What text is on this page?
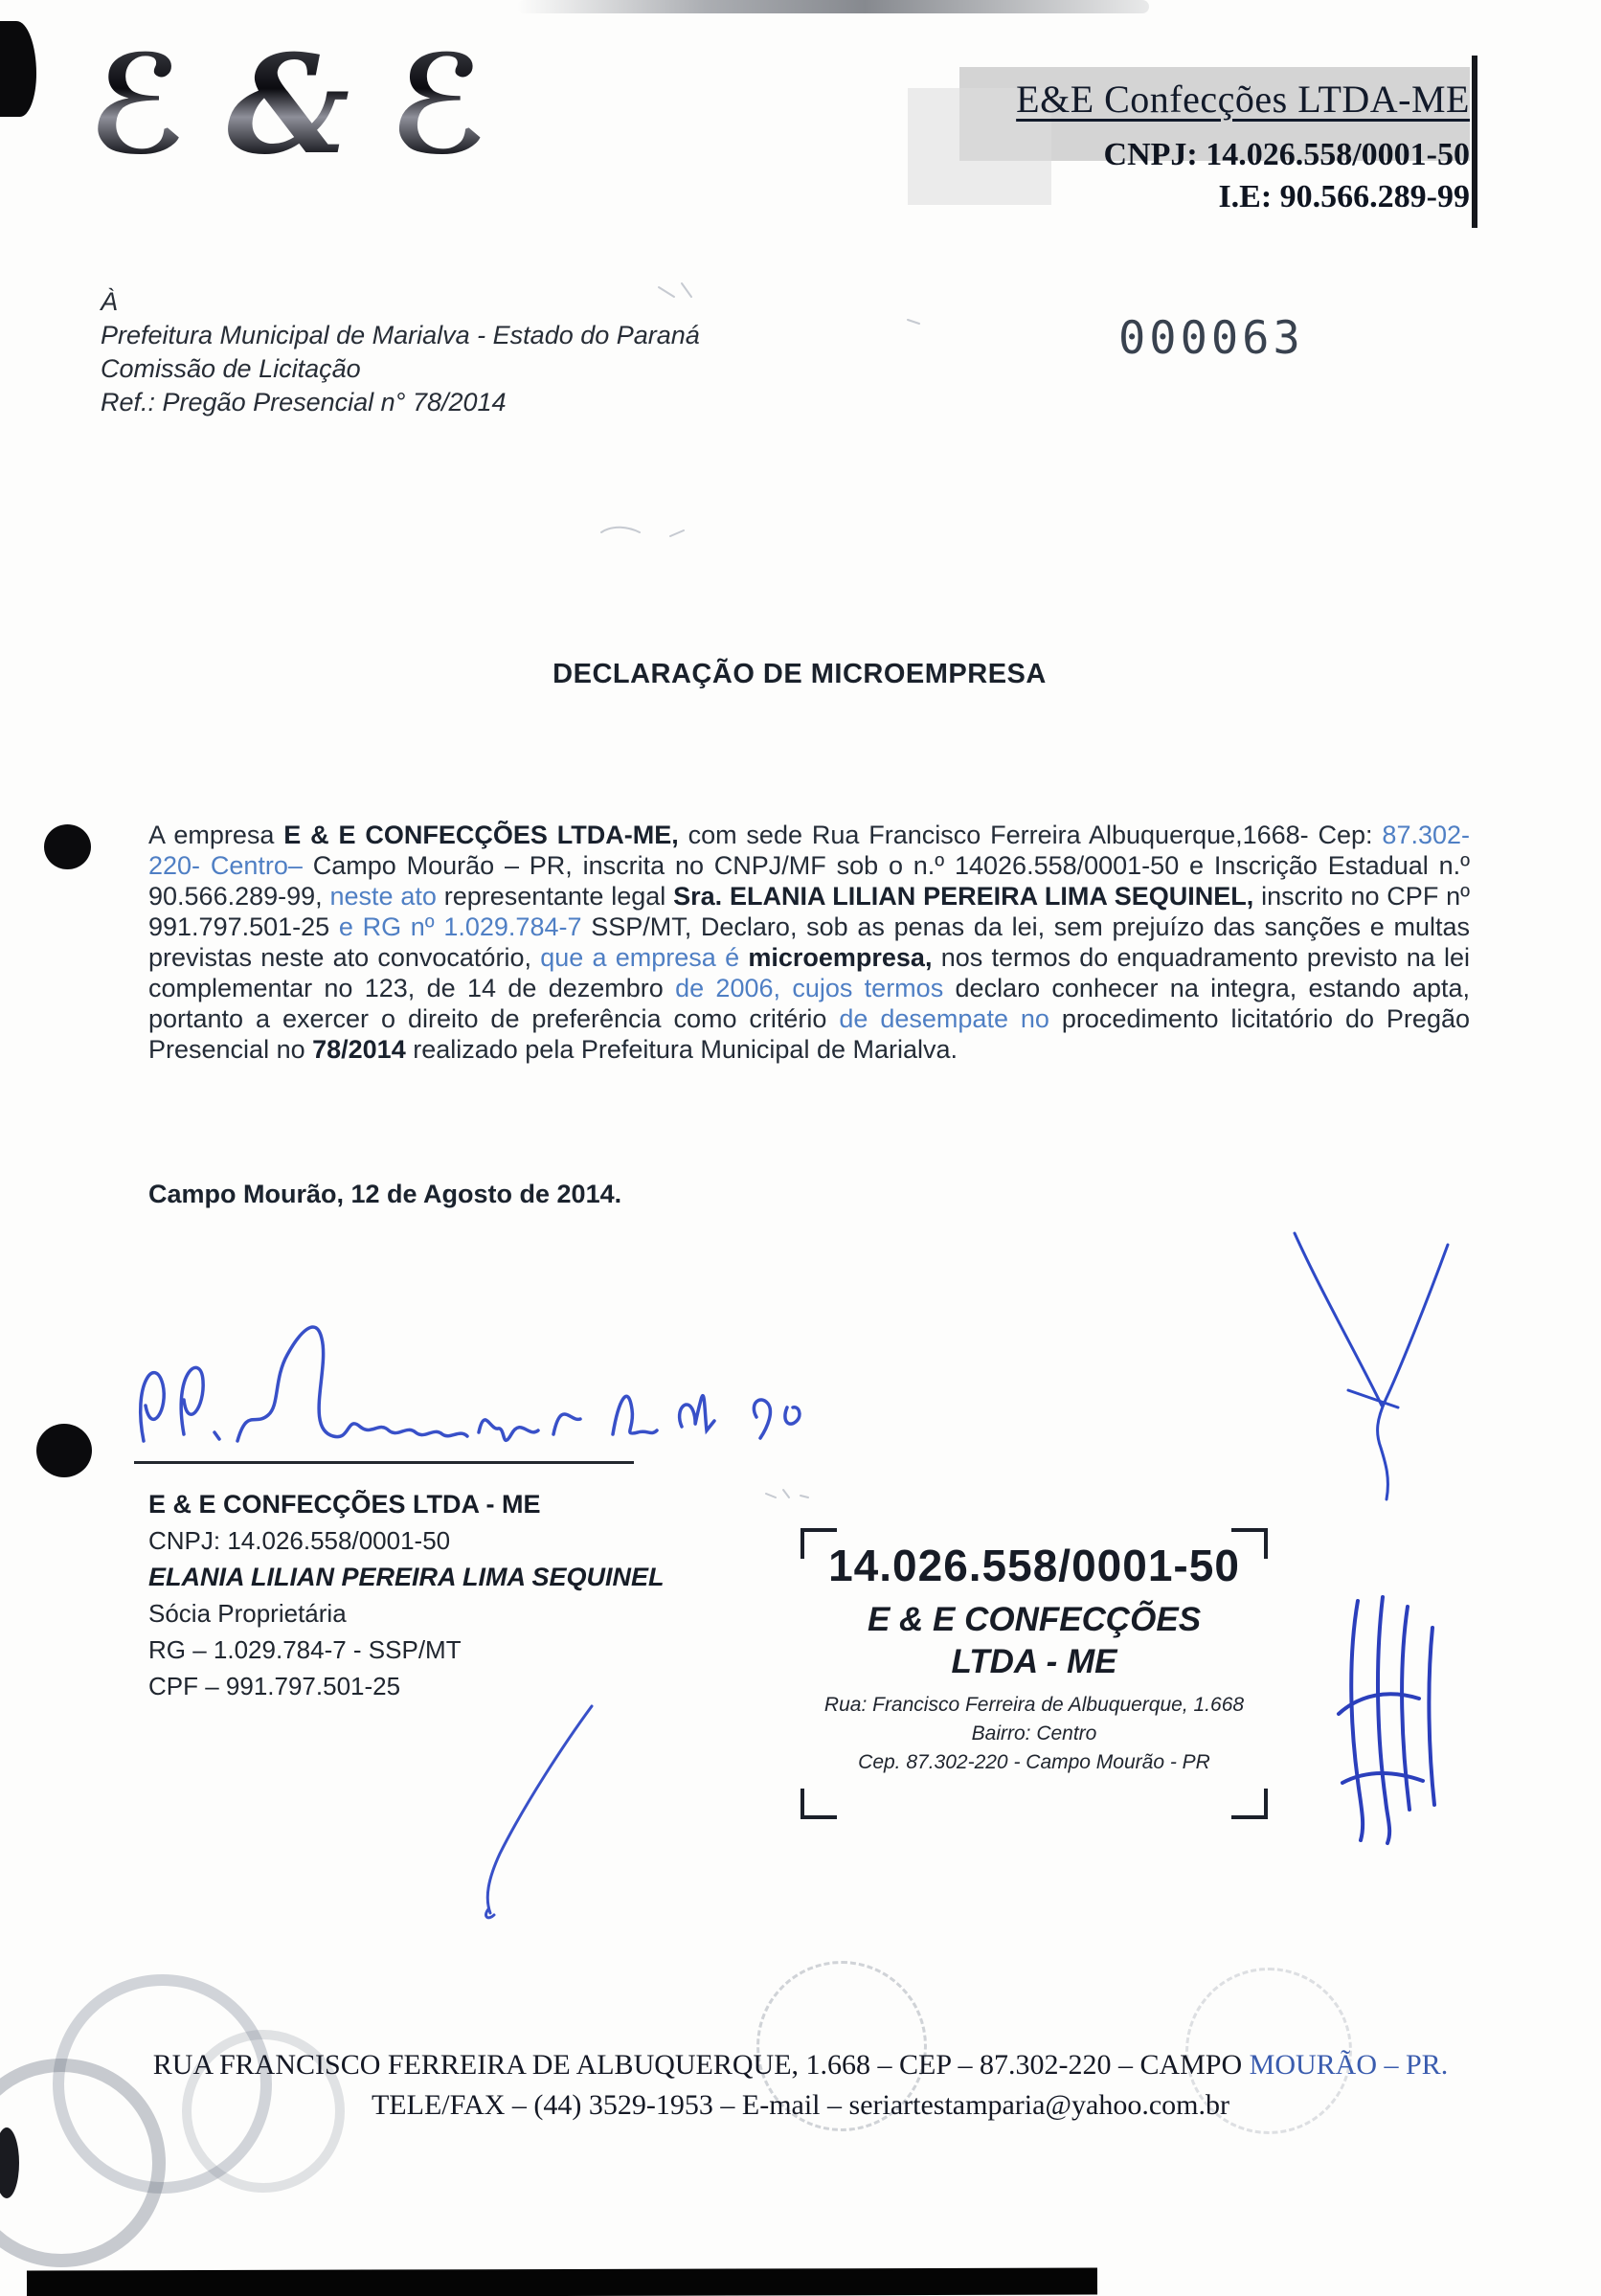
ℰ & ℰ	E&E Confecções LTDA-ME
CNPJ: 14.026.558/0001-50
I.E: 90.566.289-99
000063
À
Prefeitura Municipal de Marialva - Estado do Paraná
Comissão de Licitação
Ref.: Pregão Presencial n° 78/2014
DECLARAÇÃO DE MICROEMPRESA

A empresa E & E CONFECÇÕES LTDA-ME, com sede Rua Francisco Ferreira Albuquerque,1668- Cep: 87.302-220- Centro– Campo Mourão – PR, inscrita no CNPJ/MF sob o n.º 14026.558/0001-50 e Inscrição Estadual n.º 90.566.289-99, neste ato representante legal Sra. ELANIA LILIAN PEREIRA LIMA SEQUINEL, inscrito no CPF nº 991.797.501-25 e RG nº 1.029.784-7 SSP/MT, Declaro, sob as penas da lei, sem prejuízo das sanções e multas previstas neste ato convocatório, que a empresa é microempresa, nos termos do enquadramento previsto na lei complementar no 123, de 14 de dezembro de 2006, cujos termos declaro conhecer na integra, estando apta, portanto a exercer o direito de preferência como critério de desempate no procedimento licitatório do Pregão Presencial no 78/2014 realizado pela Prefeitura Municipal de Marialva.

Campo Mourão, 12 de Agosto de 2014.
E & E CONFECÇÕES LTDA - ME
CNPJ: 14.026.558/0001-50
ELANIA LILIAN PEREIRA LIMA SEQUINEL
Sócia Proprietária
RG – 1.029.784-7 - SSP/MT
CPF – 991.797.501-25
14.026.558/0001-50
E & E CONFECÇÕES
LTDA - ME
Rua: Francisco Ferreira de Albuquerque, 1.668
Bairro: Centro
Cep. 87.302-220 - Campo Mourão - PR
RUA FRANCISCO FERREIRA DE ALBUQUERQUE, 1.668 – CEP – 87.302-220 – CAMPO MOURÃO – PR.
TELE/FAX – (44) 3529-1953 – E-mail – seriartestamparia@yahoo.com.br
